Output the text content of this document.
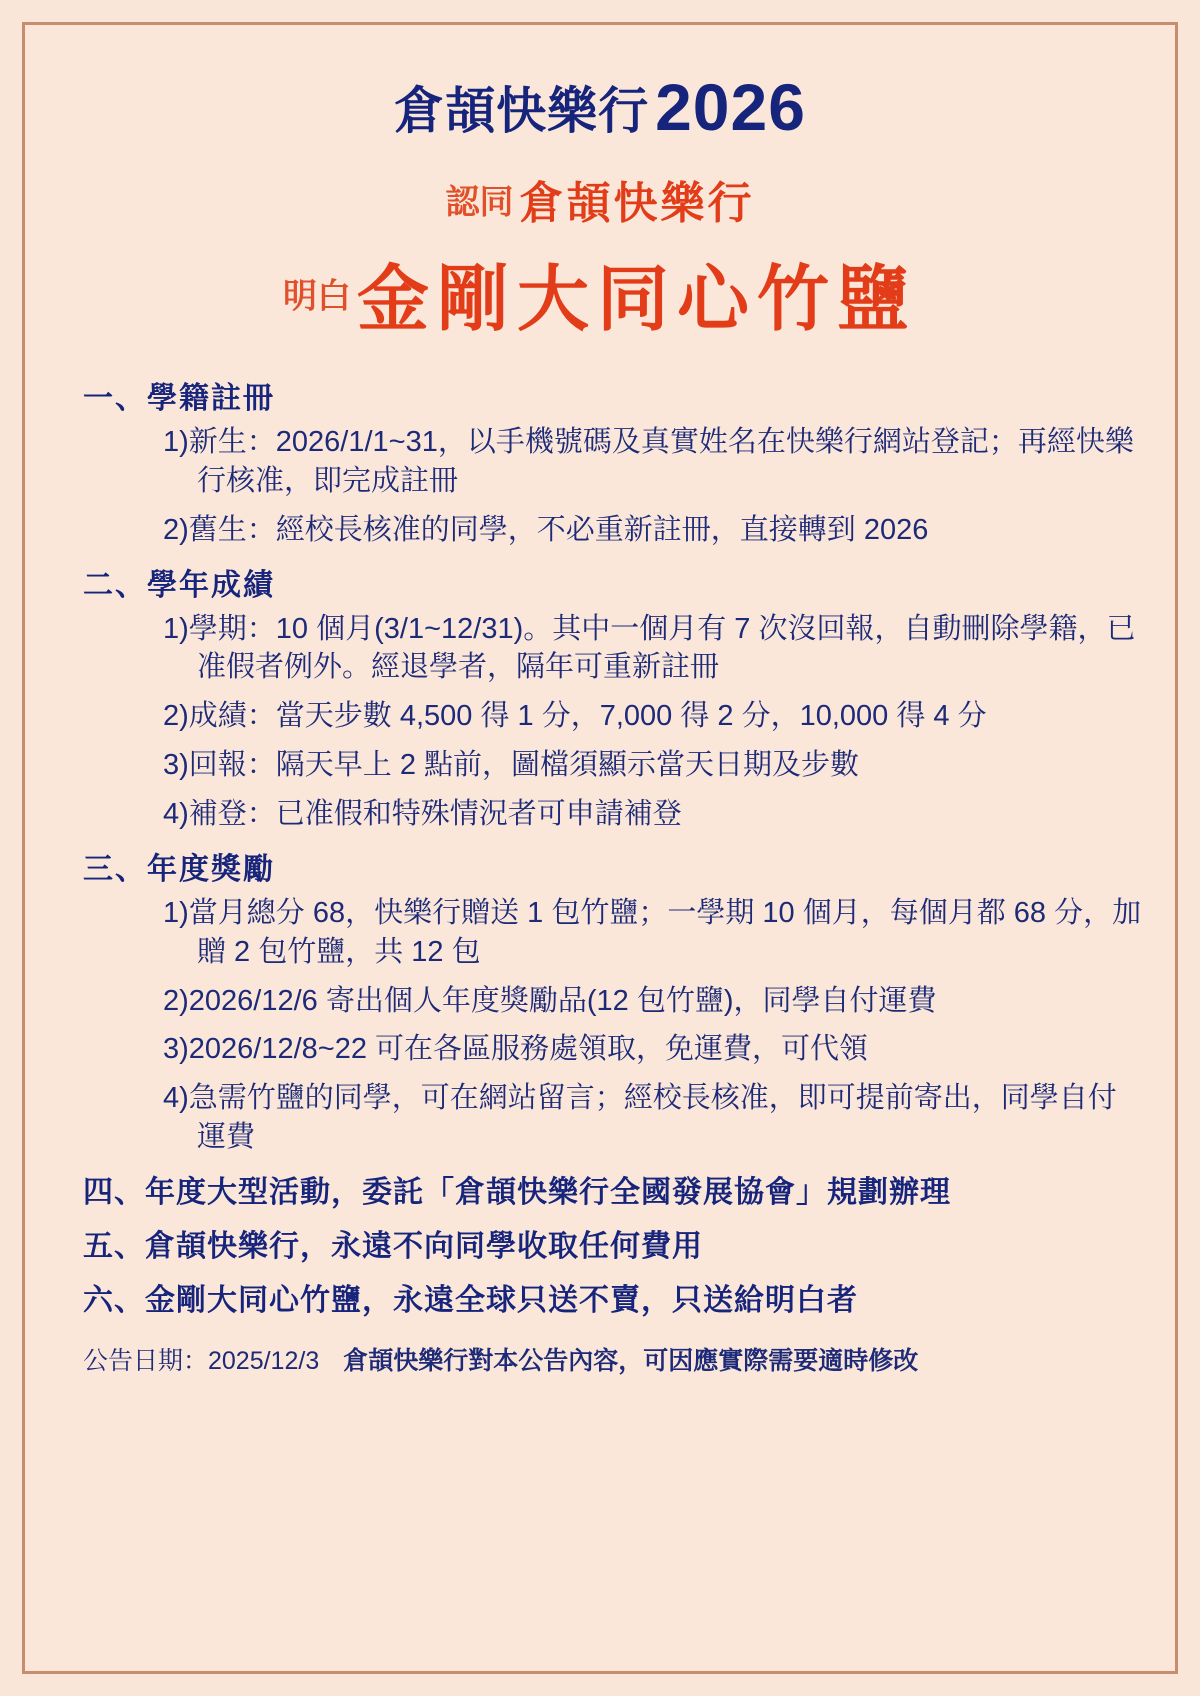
倉頡快樂行2026
認同 倉頡快樂行
明白金剛大同心竹鹽
一、學籍註冊
1)新生：2026/1/1~31，以手機號碼及真實姓名在快樂行網站登記；再經快樂行核准，即完成註冊
2)舊生：經校長核准的同學，不必重新註冊，直接轉到 2026
二、學年成績
1)學期：10 個月(3/1~12/31)。其中一個月有 7 次沒回報，自動刪除學籍，已准假者例外。經退學者，隔年可重新註冊
2)成績：當天步數 4,500 得 1 分，7,000 得 2 分，10,000 得 4 分
3)回報：隔天早上 2 點前，圖檔須顯示當天日期及步數
4)補登：已准假和特殊情況者可申請補登
三、年度獎勵
1)當月總分 68，快樂行贈送 1 包竹鹽；一學期 10 個月，每個月都 68 分，加贈 2 包竹鹽，共 12 包
2)2026/12/6 寄出個人年度獎勵品(12 包竹鹽)，同學自付運費
3)2026/12/8~22 可在各區服務處領取，免運費，可代領
4)急需竹鹽的同學，可在網站留言；經校長核准，即可提前寄出，同學自付運費
四、年度大型活動，委託「倉頡快樂行全國發展協會」規劃辦理
五、倉頡快樂行，永遠不向同學收取任何費用
六、金剛大同心竹鹽，永遠全球只送不賣，只送給明白者
公告日期：2025/12/3 倉頡快樂行對本公告內容，可因應實際需要適時修改
